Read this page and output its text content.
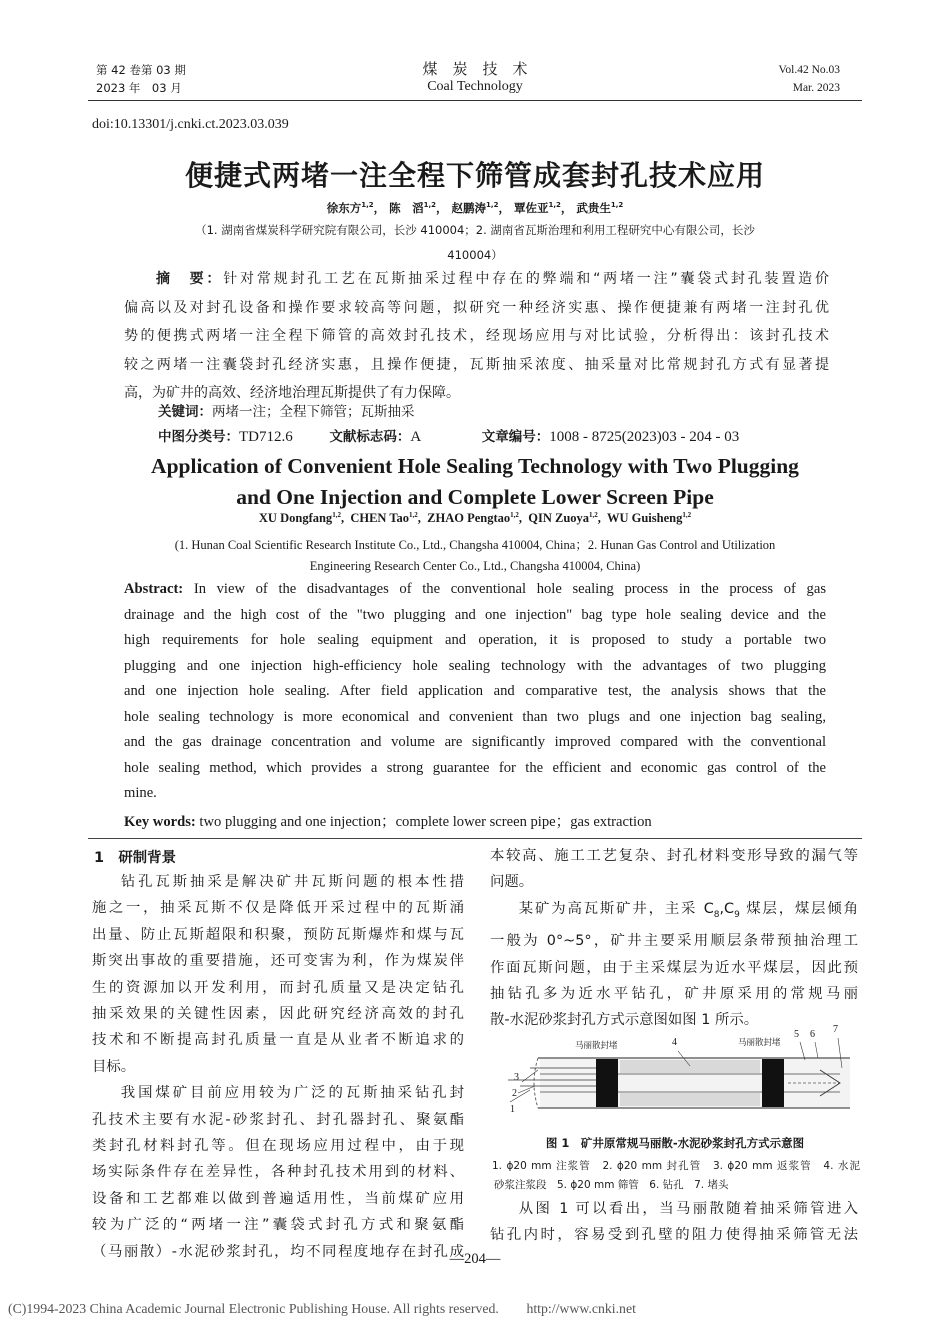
第 42 卷第 03 期
2023 年　03 月
煤　炭　技　术
Coal Technology
Vol.42 No.03
Mar. 2023
doi:10.13301/j.cnki.ct.2023.03.039
便捷式两堵一注全程下筛管成套封孔技术应用
徐东方$^{1,2}$， 陈　滔$^{1,2}$， 赵鹏涛$^{1,2}$， 覃佐亚$^{1,2}$， 武贵生$^{1,2}$
（1. 湖南省煤炭科学研究院有限公司，长沙 410004；2. 湖南省瓦斯治理和利用工程研究中心有限公司，长沙
410004）
摘　要：针对常规封孔工艺在瓦斯抽采过程中存在的弊端和“两堵一注”囊袋式封孔装置造价
偏高以及对封孔设备和操作要求较高等问题，拟研究一种经济实惠、操作便捷兼有两堵一注封孔优
势的便携式两堵一注全程下筛管的高效封孔技术，经现场应用与对比试验，分析得出：该封孔技术
较之两堵一注囊袋封孔经济实惠，且操作便捷，瓦斯抽采浓度、抽采量对比常规封孔方式有显著提
高，为矿井的高效、经济地治理瓦斯提供了有力保障。
关键词：两堵一注；全程下筛管；瓦斯抽采
中图分类号：TD712.6	文献标志码：A	文章编号：1008 - 8725(2023)03 - 204 - 03
Application of Convenient Hole Sealing Technology with Two Plugging
and One Injection and Complete Lower Screen Pipe
XU Dongfang$^{1,2}$,  CHEN Tao$^{1,2}$,  ZHAO Pengtao$^{1,2}$,  QIN Zuoya$^{1,2}$,  WU Guisheng$^{1,2}$
(1. Hunan Coal Scientific Research Institute Co., Ltd., Changsha 410004, China；2. Hunan Gas Control and Utilization
Engineering Research Center Co., Ltd., Changsha 410004, China)
Abstract: In view of the disadvantages of the conventional hole sealing process in the process of gas
drainage and the high cost of the "two plugging and one injection" bag type hole sealing device and the
high requirements for hole sealing equipment and operation, it is proposed to study a portable two
plugging and one injection high-efficiency hole sealing technology with the advantages of two plugging
and one injection hole sealing. After field application and comparative test, the analysis shows that the
hole sealing technology is more economical and convenient than two plugs and one injection bag sealing,
and the gas drainage concentration and volume are significantly improved compared with the conventional
hole sealing method, which provides a strong guarantee for the efficient and economic gas control of the
mine.
Key words: two plugging and one injection；complete lower screen pipe；gas extraction
1　研制背景
钻孔瓦斯抽采是解决矿井瓦斯问题的根本性措
施之一，抽采瓦斯不仅是降低开采过程中的瓦斯涌
出量、防止瓦斯超限和积聚，预防瓦斯爆炸和煤与瓦
斯突出事故的重要措施，还可变害为利，作为煤炭伴
生的资源加以开发利用，而封孔质量又是决定钻孔
抽采效果的关键性因素，因此研究经济高效的封孔
技术和不断提高封孔质量一直是从业者不断追求的
目标。
我国煤矿目前应用较为广泛的瓦斯抽采钻孔封
孔技术主要有水泥-砂浆封孔、封孔器封孔、聚氨酯
类封孔材料封孔等。但在现场应用过程中，由于现
场实际条件存在差异性，各种封孔技术用到的材料、
设备和工艺都难以做到普遍适用性，当前煤矿应用
较为广泛的“两堵一注”囊袋式封孔方式和聚氨酯
（马丽散）-水泥砂浆封孔，均不同程度地存在封孔成
本较高、施工工艺复杂、封孔材料变形导致的漏气等
问题。
某矿为高瓦斯矿井，主采 $C_8,C_9$ 煤层，煤层倾角
一般为 0°~5°，矿井主要采用顺层条带预抽治理工
作面瓦斯问题，由于主采煤层为近水平煤层，因此预
抽钻孔多为近水平钻孔，矿井原采用的常规马丽
散-水泥砂浆封孔方式示意图如图 1 所示。
马丽散封堵	马丽散封堵
1
2
3
4
5 6 7
图 1　矿井原常规马丽散-水泥砂浆封孔方式示意图
1. ϕ20 mm 注浆管　2. ϕ20 mm 封孔管　3. ϕ20 mm 返浆管　4. 水泥
砂浆注浆段　5. ϕ20 mm 筛管　6. 钻孔　7. 堵头
从图 1 可以看出，当马丽散随着抽采筛管进入
钻孔内时，容易受到孔壁的阻力使得抽采筛管无法
—204—
(C)1994-2023 China Academic Journal Electronic Publishing House. All rights reserved.　　http://www.cnki.net
